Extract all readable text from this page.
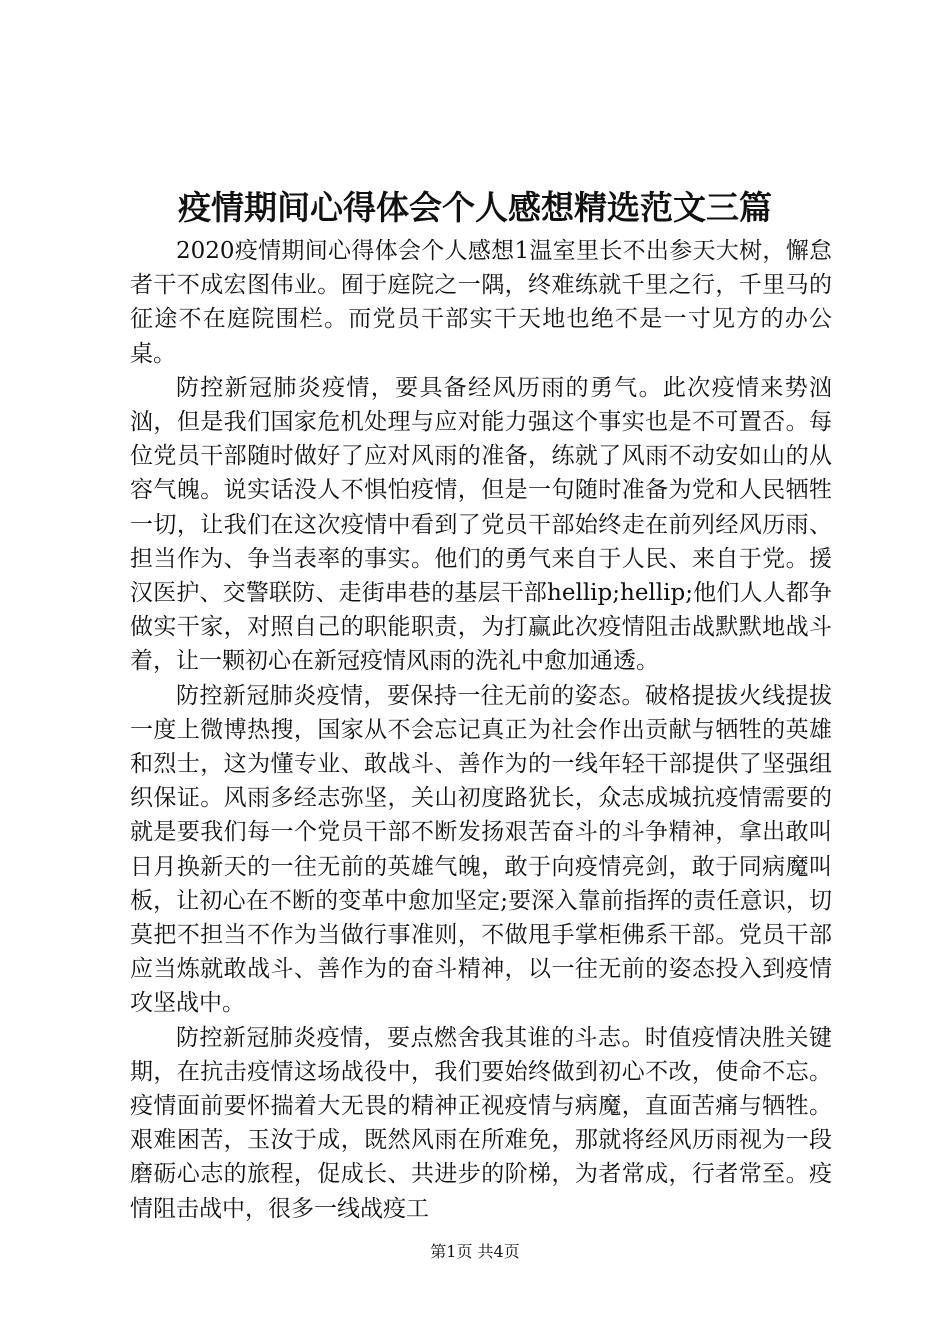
疫情期间心得体会个人感想精选范文三篇

2020疫情期间心得体会个人感想1温室里长不出参天大树，懈怠者干不成宏图伟业。囿于庭院之一隅，终难练就千里之行，千里马的征途不在庭院围栏。而党员干部实干天地也绝不是一寸见方的办公桌。

防控新冠肺炎疫情，要具备经风历雨的勇气。此次疫情来势汹汹，但是我们国家危机处理与应对能力强这个事实也是不可置否。每位党员干部随时做好了应对风雨的准备，练就了风雨不动安如山的从容气魄。说实话没人不惧怕疫情，但是一句随时准备为党和人民牺牲一切，让我们在这次疫情中看到了党员干部始终走在前列经风历雨、担当作为、争当表率的事实。他们的勇气来自于人民、来自于党。援汉医护、交警联防、走街串巷的基层干部hellip;hellip;他们人人都争做实干家，对照自己的职能职责，为打赢此次疫情阻击战默默地战斗着，让一颗初心在新冠疫情风雨的洗礼中愈加通透。

防控新冠肺炎疫情，要保持一往无前的姿态。破格提拔火线提拔一度上微博热搜，国家从不会忘记真正为社会作出贡献与牺牲的英雄和烈士，这为懂专业、敢战斗、善作为的一线年轻干部提供了坚强组织保证。风雨多经志弥坚，关山初度路犹长，众志成城抗疫情需要的就是要我们每一个党员干部不断发扬艰苦奋斗的斗争精神，拿出敢叫日月换新天的一往无前的英雄气魄，敢于向疫情亮剑，敢于同病魔叫板，让初心在不断的变革中愈加坚定;要深入靠前指挥的责任意识，切莫把不担当不作为当做行事准则，不做甩手掌柜佛系干部。党员干部应当炼就敢战斗、善作为的奋斗精神，以一往无前的姿态投入到疫情攻坚战中。

防控新冠肺炎疫情，要点燃舍我其谁的斗志。时值疫情决胜关键期，在抗击疫情这场战役中，我们要始终做到初心不改，使命不忘。疫情面前要怀揣着大无畏的精神正视疫情与病魔，直面苦痛与牺牲。艰难困苦，玉汝于成，既然风雨在所难免，那就将经风历雨视为一段磨砺心志的旅程，促成长、共进步的阶梯，为者常成，行者常至。疫情阻击战中，很多一线战疫工

第1页 共4页
